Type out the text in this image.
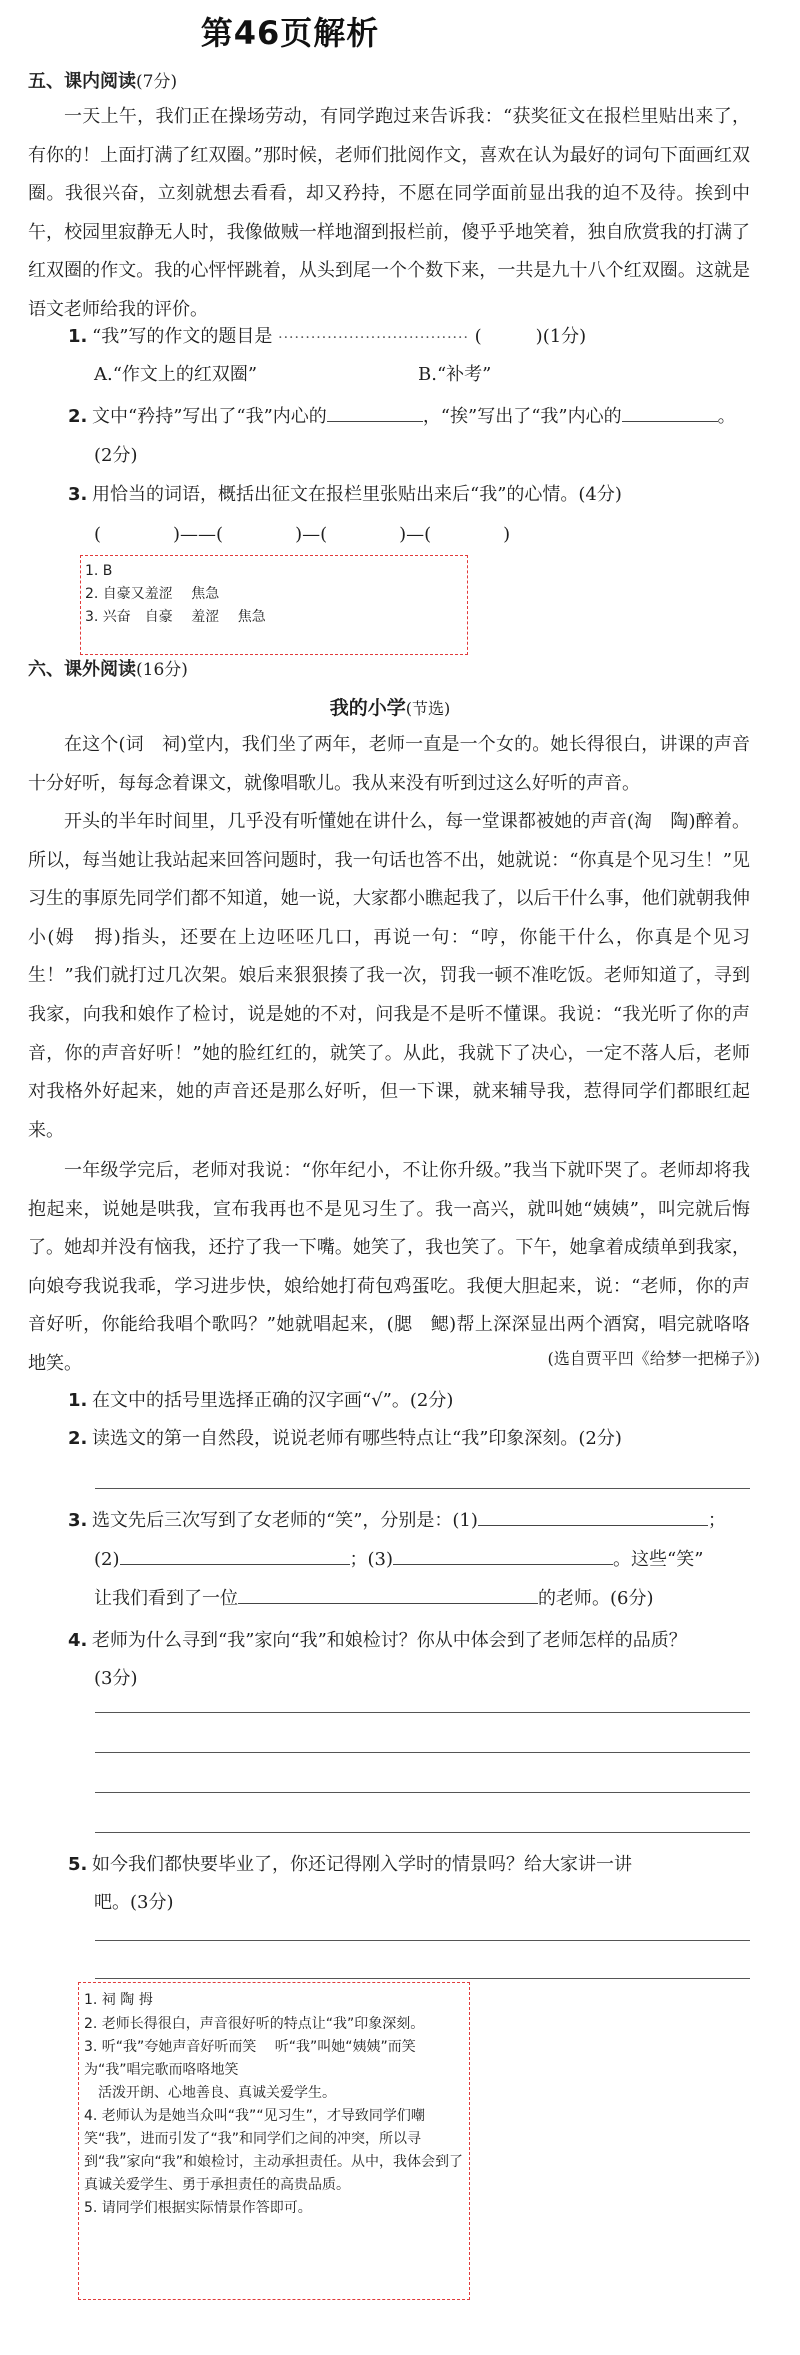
第46页解析
五、课内阅读(7分)

一天上午，我们正在操场劳动，有同学跑过来告诉我：“获奖征文在报栏里贴出来了，有你的！上面打满了红双圈。”那时候，老师们批阅作文，喜欢在认为最好的词句下面画红双圈。我很兴奋，立刻就想去看看，却又矜持，不愿在同学面前显出我的迫不及待。挨到中午，校园里寂静无人时，我像做贼一样地溜到报栏前，傻乎乎地笑着，独自欣赏我的打满了红双圈的作文。我的心怦怦跳着，从头到尾一个个数下来，一共是九十八个红双圈。这就是语文老师给我的评价。

1. “我”写的作文的题目是 ··································· (　　　)(1分)
A.“作文上的红双圈”	B.“补考”
2. 文中“矜持”写出了“我”内心的	，“挨”写出了“我”内心的	。
(2分)
3. 用恰当的词语，概括出征文在报栏里张贴出来后“我”的心情。(4分)
(　　　　)——(　　　　)—(　　　　)—(　　　　)
1. B
2. 自豪又羞涩　 焦急
3. 兴奋　自豪　 羞涩　 焦急
六、课外阅读(16分)
我的小学(节选)

在这个(词　祠)堂内，我们坐了两年，老师一直是一个女的。她长得很白，讲课的声音十分好听，每每念着课文，就像唱歌儿。我从来没有听到过这么好听的声音。

开头的半年时间里，几乎没有听懂她在讲什么，每一堂课都被她的声音(淘　陶)醉着。所以，每当她让我站起来回答问题时，我一句话也答不出，她就说：“你真是个见习生！”见习生的事原先同学们都不知道，她一说，大家都小瞧起我了，以后干什么事，他们就朝我伸小(姆　拇)指头，还要在上边呸呸几口，再说一句：“哼，你能干什么，你真是个见习生！”我们就打过几次架。娘后来狠狠揍了我一次，罚我一顿不准吃饭。老师知道了，寻到我家，向我和娘作了检讨，说是她的不对，问我是不是听不懂课。我说：“我光听了你的声音，你的声音好听！”她的脸红红的，就笑了。从此，我就下了决心，一定不落人后，老师对我格外好起来，她的声音还是那么好听，但一下课，就来辅导我，惹得同学们都眼红起来。

一年级学完后，老师对我说：“你年纪小，不让你升级。”我当下就吓哭了。老师却将我抱起来，说她是哄我，宣布我再也不是见习生了。我一高兴，就叫她“姨姨”，叫完就后悔了。她却并没有恼我，还拧了我一下嘴。她笑了，我也笑了。下午，她拿着成绩单到我家，向娘夸我说我乖，学习进步快，娘给她打荷包鸡蛋吃。我便大胆起来，说：“老师，你的声音好听，你能给我唱个歌吗？”她就唱起来，(腮　鳃)帮上深深显出两个酒窝，唱完就咯咯地笑。	(选自贾平凹《给梦一把梯子》)
1. 在文中的括号里选择正确的汉字画“√”。(2分)
2. 读选文的第一自然段，说说老师有哪些特点让“我”印象深刻。(2分)
3. 选文先后三次写到了女老师的“笑”，分别是：(1)	；
(2)	；(3)	。这些“笑”
让我们看到了一位	的老师。(6分)
4. 老师为什么寻到“我”家向“我”和娘检讨？你从中体会到了老师怎样的品质？
(3分)
5. 如今我们都快要毕业了，你还记得刚入学时的情景吗？给大家讲一讲
吧。(3分)
1. 祠 陶 拇
2. 老师长得很白，声音很好听的特点让“我”印象深刻。
3. 听“我”夸她声音好听而笑　 听“我”叫她“姨姨”而笑　 为“我”唱完歌而咯咯地笑
　活泼开朗、心地善良、真诚关爱学生。
4. 老师认为是她当众叫“我”“见习生”，才导致同学们嘲笑“我”，进而引发了“我”和同学们之间的冲突，所以寻到“我”家向“我”和娘检讨，主动承担责任。从中，我体会到了真诚关爱学生、勇于承担责任的高贵品质。
5. 请同学们根据实际情景作答即可。
